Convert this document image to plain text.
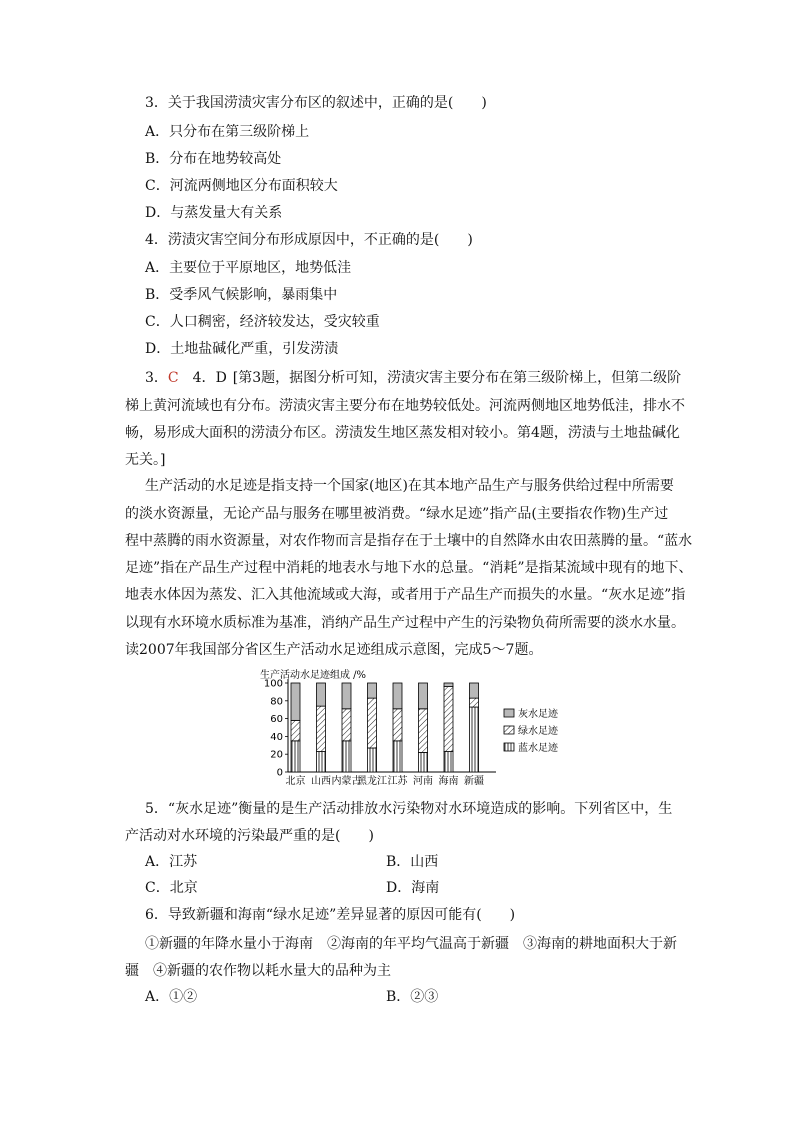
3．关于我国涝渍灾害分布区的叙述中，正确的是(　　)
A．只分布在第三级阶梯上
B．分布在地势较高处
C．河流两侧地区分布面积较大
D．与蒸发量大有关系
4．涝渍灾害空间分布形成原因中，不正确的是(　　)
A．主要位于平原地区，地势低洼
B．受季风气候影响，暴雨集中
C．人口稠密，经济较发达，受灾较重
D．土地盐碱化严重，引发涝渍
3．C　4．D [第3题，据图分析可知，涝渍灾害主要分布在第三级阶梯上，但第二级阶
梯上黄河流域也有分布。涝渍灾害主要分布在地势较低处。河流两侧地区地势低洼，排水不
畅，易形成大面积的涝渍分布区。涝渍发生地区蒸发相对较小。第4题，涝渍与土地盐碱化
无关。]
生产活动的水足迹是指支持一个国家(地区)在其本地产品生产与服务供给过程中所需要
的淡水资源量，无论产品与服务在哪里被消费。“绿水足迹”指产品(主要指农作物)生产过
程中蒸腾的雨水资源量，对农作物而言是指存在于土壤中的自然降水由农田蒸腾的量。“蓝水
足迹”指在产品生产过程中消耗的地表水与地下水的总量。“消耗”是指某流域中现有的地下、
地表水体因为蒸发、汇入其他流域或大海，或者用于产品生产而损失的水量。“灰水足迹”指
以现有水环境水质标准为基准，消纳产品生产过程中产生的污染物负荷所需要的淡水水量。
读2007年我国部分省区生产活动水足迹组成示意图，完成5～7题。
生产活动水足迹组成 /%
0
20
40
60
80
100
北京 山西 内蒙古
黑龙江 江苏 河南 海南 新疆
灰水足迹
绿水足迹
蓝水足迹
5．“灰水足迹”衡量的是生产活动排放水污染物对水环境造成的影响。下列省区中，生
产活动对水环境的污染最严重的是(　　)
A．江苏	B．山西
C．北京	D．海南
6．导致新疆和海南“绿水足迹”差异显著的原因可能有(　　)
①新疆的年降水量小于海南　②海南的年平均气温高于新疆　③海南的耕地面积大于新
疆　④新疆的农作物以耗水量大的品种为主
A．①②	B．②③
